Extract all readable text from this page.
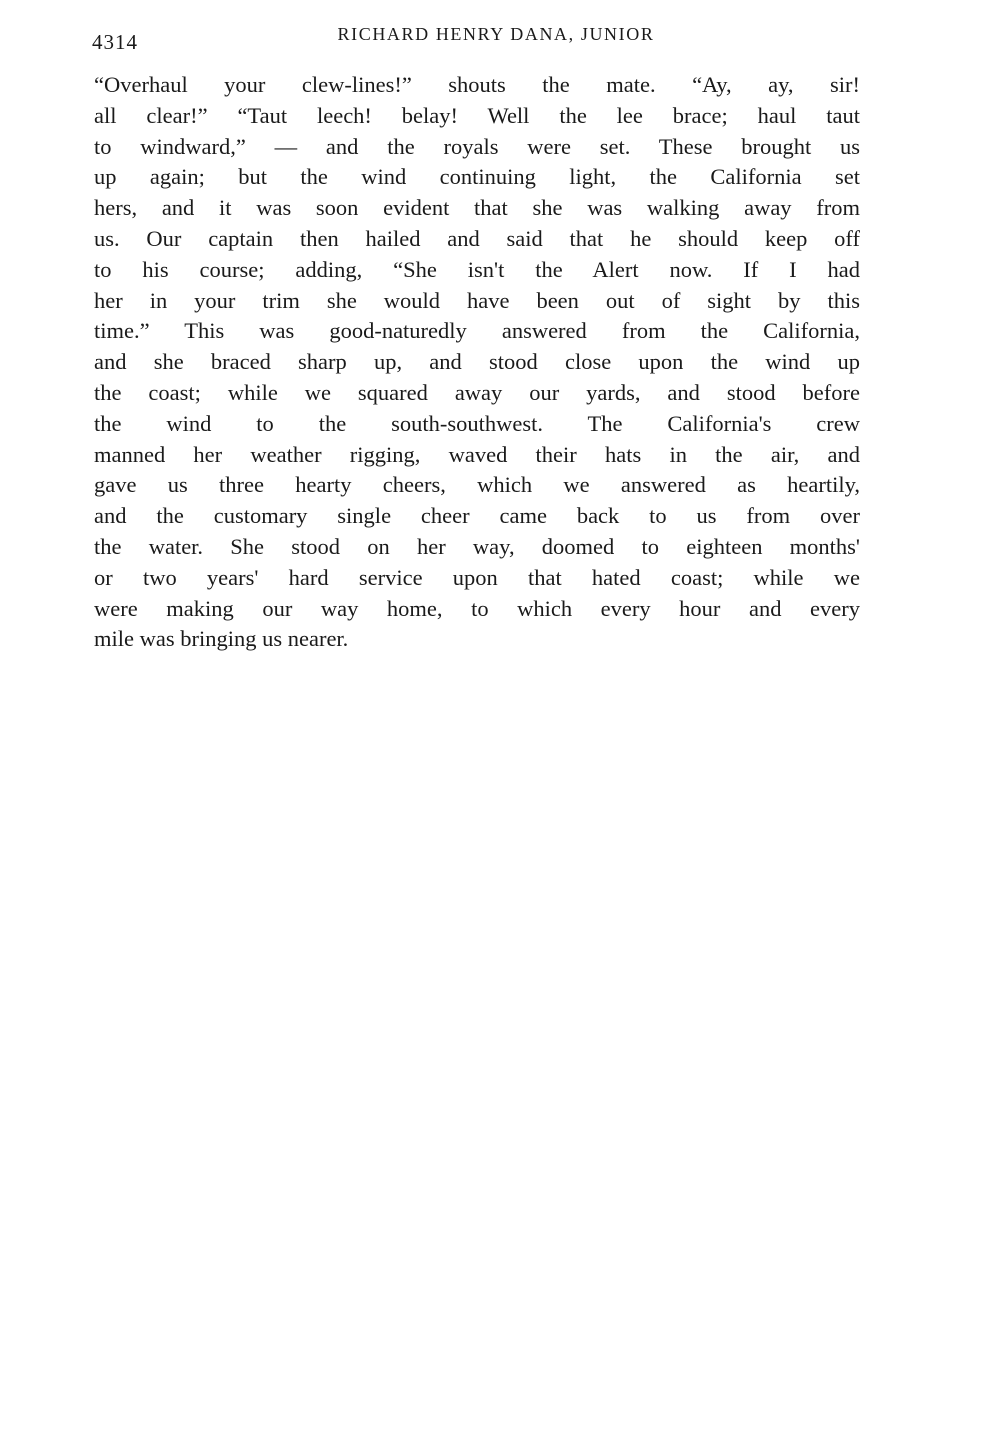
4314	RICHARD HENRY DANA, JUNIOR
“Overhaul your clew-lines!” shouts the mate. “Ay, ay, sir!
all clear!” “Taut leech! belay! Well the lee brace; haul taut
to windward,” — and the royals were set. These brought us
up again; but the wind continuing light, the California set
hers, and it was soon evident that she was walking away from
us. Our captain then hailed and said that he should keep off
to his course; adding, “She isn't the Alert now. If I had
her in your trim she would have been out of sight by this
time.” This was good-naturedly answered from the California,
and she braced sharp up, and stood close upon the wind up
the coast; while we squared away our yards, and stood before
the wind to the south-southwest. The California's crew
manned her weather rigging, waved their hats in the air, and
gave us three hearty cheers, which we answered as heartily,
and the customary single cheer came back to us from over
the water. She stood on her way, doomed to eighteen months'
or two years' hard service upon that hated coast; while we
were making our way home, to which every hour and every
mile was bringing us nearer.
